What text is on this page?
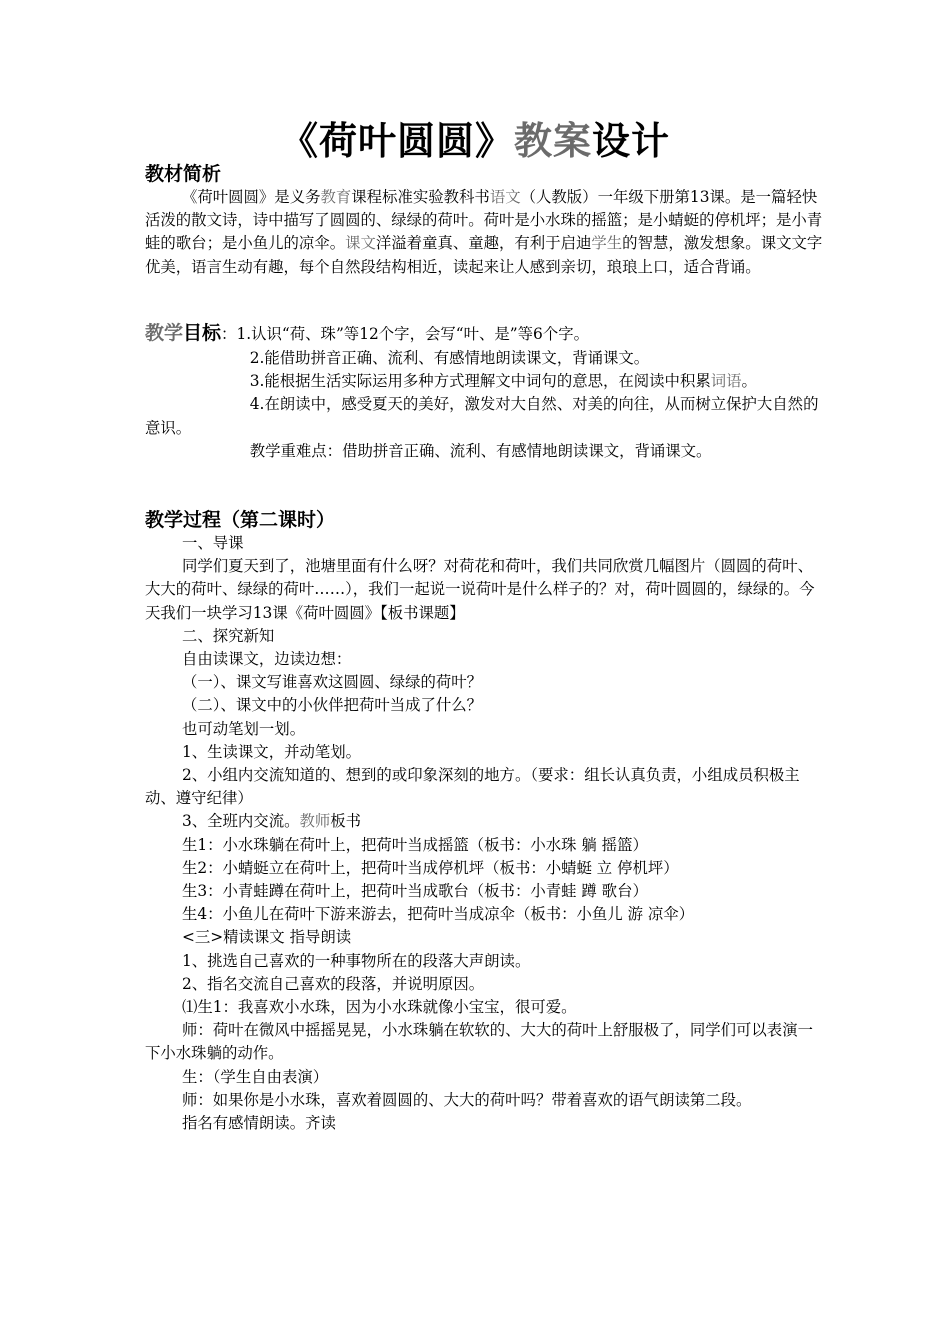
《荷叶圆圆》教案设计
教材简析

《荷叶圆圆》是义务教育课程标准实验教科书语文（人教版）一年级下册第13课。是一篇轻快活泼的散文诗，诗中描写了圆圆的、绿绿的荷叶。荷叶是小水珠的摇篮；是小蜻蜓的停机坪；是小青蛙的歌台；是小鱼儿的凉伞。课文洋溢着童真、童趣，有利于启迪学生的智慧，激发想象。课文文字优美，语言生动有趣，每个自然段结构相近，读起来让人感到亲切，琅琅上口，适合背诵。

教学目标：1.认识“荷、珠”等12个字，会写“叶、是”等6个字。

2.能借助拼音正确、流利、有感情地朗读课文，背诵课文。

3.能根据生活实际运用多种方式理解文中词句的意思，在阅读中积累词语。

4.在朗读中，感受夏天的美好，激发对大自然、对美的向往，从而树立保护大自然的意识。

教学重难点：借助拼音正确、流利、有感情地朗读课文，背诵课文。

教学过程（第二课时）

一、导课

同学们夏天到了，池塘里面有什么呀？对荷花和荷叶，我们共同欣赏几幅图片（圆圆的荷叶、大大的荷叶、绿绿的荷叶……），我们一起说一说荷叶是什么样子的？对，荷叶圆圆的，绿绿的。今天我们一块学习13课《荷叶圆圆》【板书课题】

二、探究新知

自由读课文，边读边想：

（一）、课文写谁喜欢这圆圆、绿绿的荷叶？

（二）、课文中的小伙伴把荷叶当成了什么？

也可动笔划一划。

1、生读课文，并动笔划。

2、小组内交流知道的、想到的或印象深刻的地方。（要求：组长认真负责，小组成员积极主动、遵守纪律）

3、全班内交流。教师板书

生1：小水珠躺在荷叶上，把荷叶当成摇篮（板书：小水珠 躺 摇篮）

生2：小蜻蜓立在荷叶上，把荷叶当成停机坪（板书：小蜻蜓 立 停机坪）

生3：小青蛙蹲在荷叶上，把荷叶当成歌台（板书：小青蛙 蹲 歌台）

生4：小鱼儿在荷叶下游来游去，把荷叶当成凉伞（板书：小鱼儿 游 凉伞）

<三>精读课文 指导朗读

1、挑选自己喜欢的一种事物所在的段落大声朗读。

2、指名交流自己喜欢的段落，并说明原因。

⑴生1：我喜欢小水珠，因为小水珠就像小宝宝，很可爱。

师：荷叶在微风中摇摇晃晃，小水珠躺在软软的、大大的荷叶上舒服极了，同学们可以表演一下小水珠躺的动作。

生：（学生自由表演）

师：如果你是小水珠，喜欢着圆圆的、大大的荷叶吗？带着喜欢的语气朗读第二段。

指名有感情朗读。齐读
